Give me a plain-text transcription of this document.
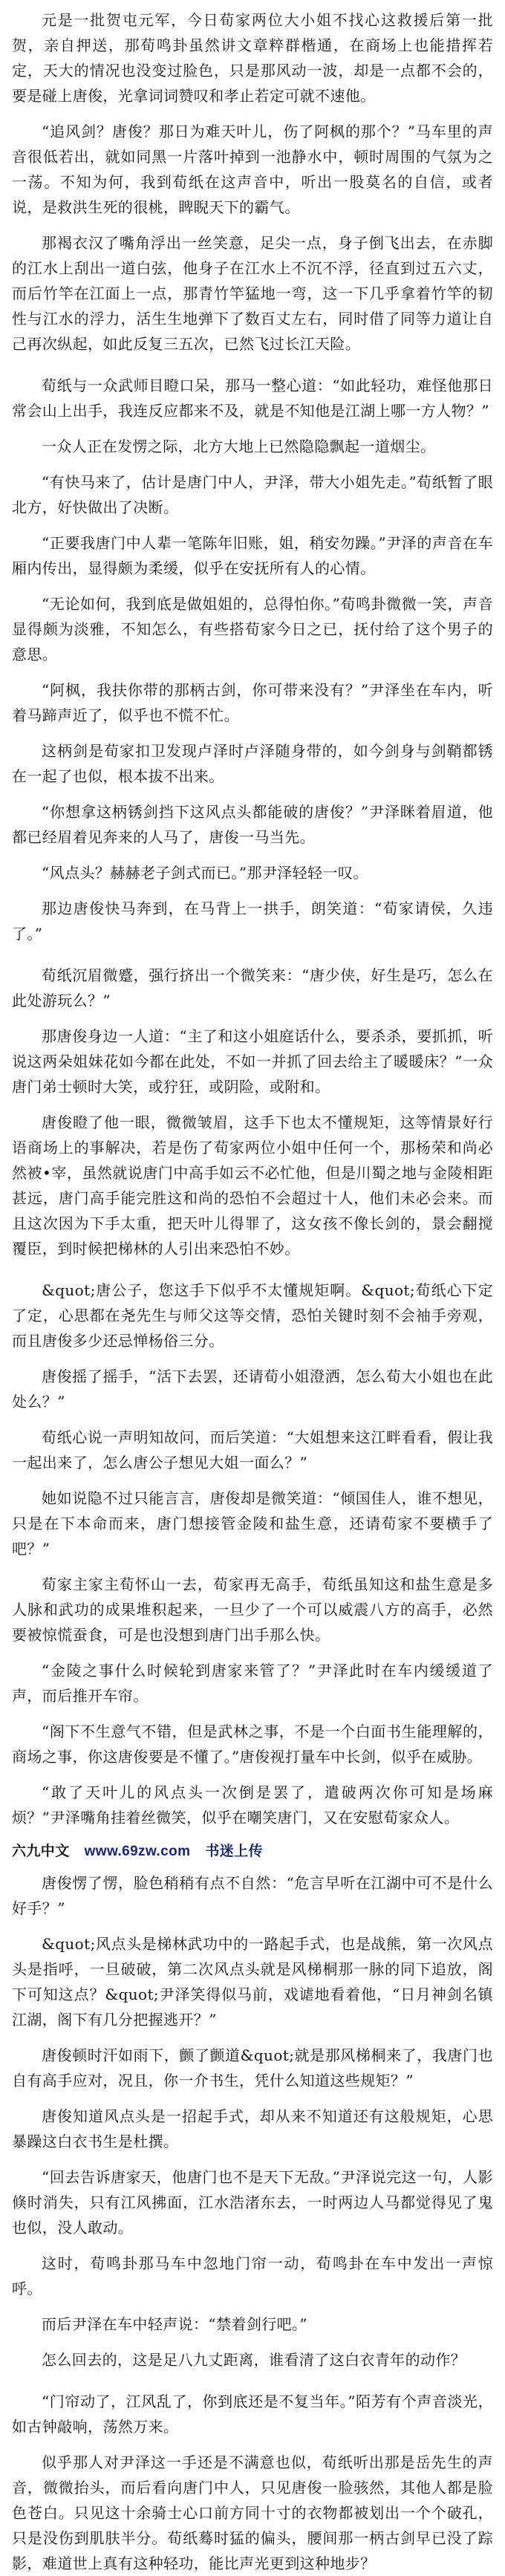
元是一批贺屯元军，今日荀家两位大小姐不找心这救援后第一批贺，亲自押送，那荀鸣卦虽然讲文章粹群楷通，在商场上也能措挥若定，天大的情况也没变过脸色，只是那风动一波，却是一点都不会的，要是碰上唐俊，光拿词词赞叹和孝止若定可就不速他。

“追风剑？唐俊？那日为难天叶儿，伤了阿枫的那个？”马车里的声音很低若出，就如同黑一片落叶掉到一池静水中，顿时周围的气氛为之一荡。不知为何，我到荀纸在这声音中，听出一股莫名的自信，或者说，是救洪生死的很桃，睥睨天下的霸气。

那褐衣汉了嘴角浮出一丝笑意，足尖一点，身子倒飞出去，在赤脚的江水上刮出一道白弦，他身子在江水上不沉不浮，径直到过五六丈，而后竹竿在江面上一点，那青竹竿猛地一弯，这一下几乎拿着竹竿的韧性与江水的浮力，活生生地弹下了数百丈左右，同时借了同等力道让自己再次纵起，如此反复三五次，已然飞过长江天险。

荀纸与一众武师目瞪口呆，那马一整心道：“如此轻功，难怪他那日常会山上出手，我连反应都来不及，就是不知他是江湖上哪一方人物？”

一众人正在发愣之际，北方大地上已然隐隐飘起一道烟尘。

“有快马来了，估计是唐门中人，尹泽，带大小姐先走。”荀纸暂了眼北方，好快做出了决断。

“正要我唐门中人辈一笔陈年旧账，姐，稍安勿躁。”尹泽的声音在车厢内传出，显得颇为柔缓，似乎在安抚所有人的心情。

“无论如何，我到底是做姐姐的，总得怕你。”荀鸣卦微微一笑，声音显得颇为淡雅，不知怎么，有些搭荀家今日之已，抚付给了这个男子的意思。

“阿枫，我扶你带的那柄古剑，你可带来没有？”尹泽坐在车内，听着马蹄声近了，似乎也不慌不忙。

这柄剑是荀家扣卫发现卢泽时卢泽随身带的，如今剑身与剑鞘都锈在一起了也似，根本拔不出来。

“你想拿这柄锈剑挡下这风点头都能破的唐俊？”尹泽眯着眉道，他都已经眉着见奔来的人马了，唐俊一马当先。

“风点头？赫赫老子剑式而已。”那尹泽轻轻一叹。

那边唐俊快马奔到，在马背上一拱手，朗笑道：“荀家请侯，久违了。”

荀纸沉眉微蹙，强行挤出一个微笑来：“唐少侠，好生是巧，怎么在此处游玩么？”

那唐俊身边一人道：“主了和这小姐庭话什么，要杀杀，要抓抓，听说这两朵姐妹花如今都在此处，不如一并抓了回去给主了暖暖床？”一众唐门弟士顿时大笑，或狞狂，或阴险，或附和。

唐俊瞪了他一眼，微微皱眉，这手下也太不懂规矩，这等情景好行语商场上的事解决，若是伤了荀家两位小姐中任何一个，那杨荣和尚必然被•宰，虽然就说唐门中高手如云不必忙他，但是川蜀之地与金陵相距甚远，唐门高手能完胜这和尚的恐怕不会超过十人，他们未必会来。而且这次因为下手太重，把天叶儿得罪了，这女孩不像长剑的，景会翻搅覆臣，到时候把梯林的人引出来恐怕不妙。

&quot;唐公子，您这手下似乎不太懂规矩啊。&quot;荀纸心下定了定，心思都在尧先生与师父这等交情，恐怕关键时刻不会袖手旁观，而且唐俊多少还忌惮杨俗三分。

唐俊摇了摇手，“活下去罢，还请荀小姐澄洒，怎么荀大小姐也在此处么？”

荀纸心说一声明知故问，而后笑道：“大姐想来这江畔看看，假让我一起出来了，怎么唐公子想见大姐一面么？”

她如说隐不过只能言言，唐俊却是微笑道：“倾国佳人，谁不想见，只是在下本命而来，唐门想接管金陵和盐生意，还请荀家不要横手了吧？”

荀家主家主荀怀山一去，荀家再无高手，荀纸虽知这和盐生意是多人脉和武功的成果堆积起来，一旦少了一个可以威震八方的高手，必然要被惊慌蚕食，可是也没想到唐门出手那么快。

“金陵之事什么时候轮到唐家来管了？”尹泽此时在车内缓缓道了声，而后推开车帘。

“阁下不生意气不错，但是武林之事，不是一个白面书生能理解的，商场之事，你这唐俊要是不懂了。”唐俊视打量车中长剑，似乎在威胁。

“敢了天叶儿的风点头一次倒是罢了，遣破两次你可知是场麻烦？”尹泽嘴角挂着丝微笑，似乎在嘲笑唐门，又在安慰荀家众人。

六九中文 www.69zw.com 书迷上传

唐俊愣了愣，脸色稍稍有点不自然：“危言早听在江湖中可不是什么好手？”

&quot;风点头是梯林武功中的一路起手式，也是战熊，第一次风点头是指呼，一旦破破，第二次风点头就是风梯桐那一脉的同下追放，阁下可知这点？&quot;尹泽笑得似马前，戏谑地看着他，“日月神剑名镇江湖，阁下有几分把握逃开？”

唐俊顿时汗如雨下，颤了颤道&quot;就是那风梯桐来了，我唐门也自有高手应对，况且，你一介书生，凭什么知道这些规矩？”

唐俊知道风点头是一招起手式，却从来不知道还有这般规矩，心思暴躁这白衣书生是杜撰。

“回去告诉唐家天，他唐门也不是天下无敌。”尹泽说完这一句，人影倏时消失，只有江风拂面，江水浩渚东去，一时两边人马都觉得见了鬼也似，没人敢动。

这时，荀鸣卦那马车中忽地门帘一动，荀鸣卦在车中发出一声惊呼。

而后尹泽在车中轻声说：“禁着剑行吧。”

怎么回去的，这是足八九丈距离，谁看清了这白衣青年的动作？

“门帘动了，江风乱了，你到底还是不复当年。”陌芳有个声音淡光，如古钟敲响，荡然万来。

似乎那人对尹泽这一手还是不满意也似，荀纸听出那是岳先生的声音，微微抬头，而后看向唐门中人，只见唐俊一脸骇然，其他人都是脸色苍白。只见这十余骑士心口前方同十寸的衣物都被划出一个个破孔，只是没伤到肌肤半分。荀纸蓦时猛的偏头，腰间那一柄古剑早已没了踪影，难道世上真有这种轻功，能比声光更到这种地步？
